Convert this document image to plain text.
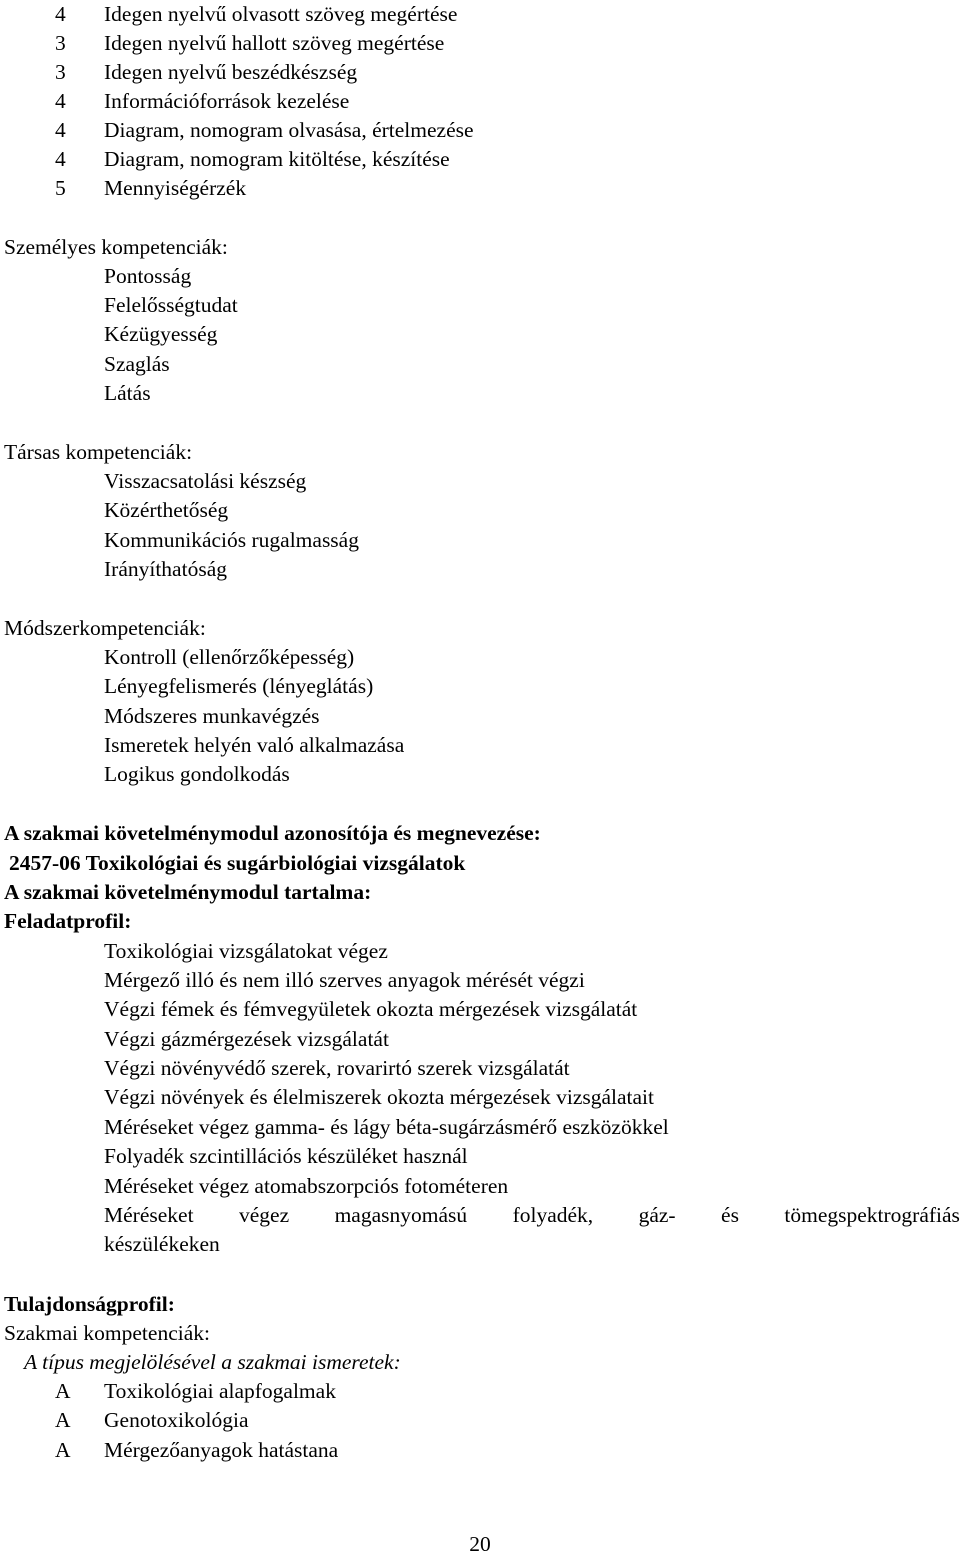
4	Idegen nyelvű olvasott szöveg megértése
3	Idegen nyelvű hallott szöveg megértése
3	Idegen nyelvű beszédkészség
4	Információforrások kezelése
4	Diagram, nomogram olvasása, értelmezése
4	Diagram, nomogram kitöltése, készítése
5	Mennyiségérzék
Személyes kompetenciák:
Pontosság
Felelősségtudat
Kézügyesség
Szaglás
Látás
Társas kompetenciák:
Visszacsatolási készség
Közérthetőség
Kommunikációs rugalmasság
Irányíthatóság
Módszerkompetenciák:
Kontroll (ellenőrzőképesség)
Lényegfelismerés (lényeglátás)
Módszeres munkavégzés
Ismeretek helyén való alkalmazása
Logikus gondolkodás
A szakmai követelménymodul azonosítója és megnevezése:
2457-06 Toxikológiai és sugárbiológiai vizsgálatok
A szakmai követelménymodul tartalma:
Feladatprofil:
Toxikológiai vizsgálatokat végez
Mérgező illó és nem illó szerves anyagok mérését végzi
Végzi fémek és fémvegyületek okozta mérgezések vizsgálatát
Végzi gázmérgezések vizsgálatát
Végzi növényvédő szerek, rovarirtó szerek vizsgálatát
Végzi növények és élelmiszerek okozta mérgezések vizsgálatait
Méréseket végez gamma- és lágy béta-sugárzásmérő eszközökkel
Folyadék szcintillációs készüléket használ
Méréseket végez atomabszorpciós fotométeren
Méréseket végez magasnyomású folyadék, gáz- és tömegspektrográfiás
készülékeken
Tulajdonságprofil:
Szakmai kompetenciák:
A típus megjelölésével a szakmai ismeretek:
A	Toxikológiai alapfogalmak
A	Genotoxikológia
A	Mérgezőanyagok hatástana
20
